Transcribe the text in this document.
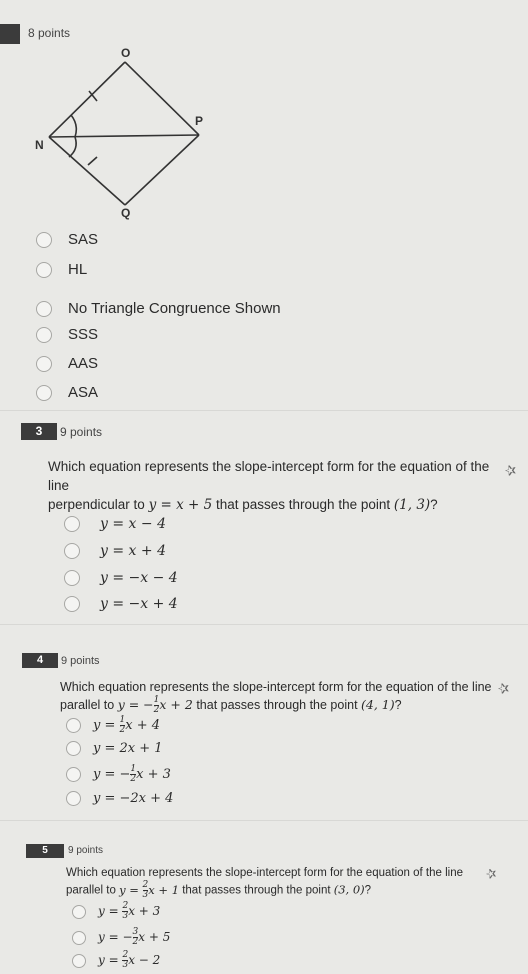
8 points
O
P
N
Q
SAS
HL
No Triangle Congruence Shown
SSS
AAS
ASA
3	9 points
✰
Which equation represents the slope-intercept form for the equation of the line
perpendicular to y = x + 5 that passes through the point (1, 3)?
y = x − 4
y = x + 4
y = −x − 4
y = −x + 4
4	9 points
✰
Which equation represents the slope-intercept form for the equation of the line
parallel to y = − $\frac{1}{2}$ x + 2 that passes through the point (4, 1)?
$y = \frac{1}{2}$ x + 4
y = 2x + 1
y = − $\frac{1}{2}$ x + 3
y = −2x + 4
5	9 points
✰
Which equation represents the slope-intercept form for the equation of the line
parallel to $y = \frac{2}{3}$ x + 1 that passes through the point (3, 0)?
$y = \frac{2}{3}$ x + 3
y = − $\frac{3}{2}$ x + 5
$y = \frac{2}{3}$ x − 2
